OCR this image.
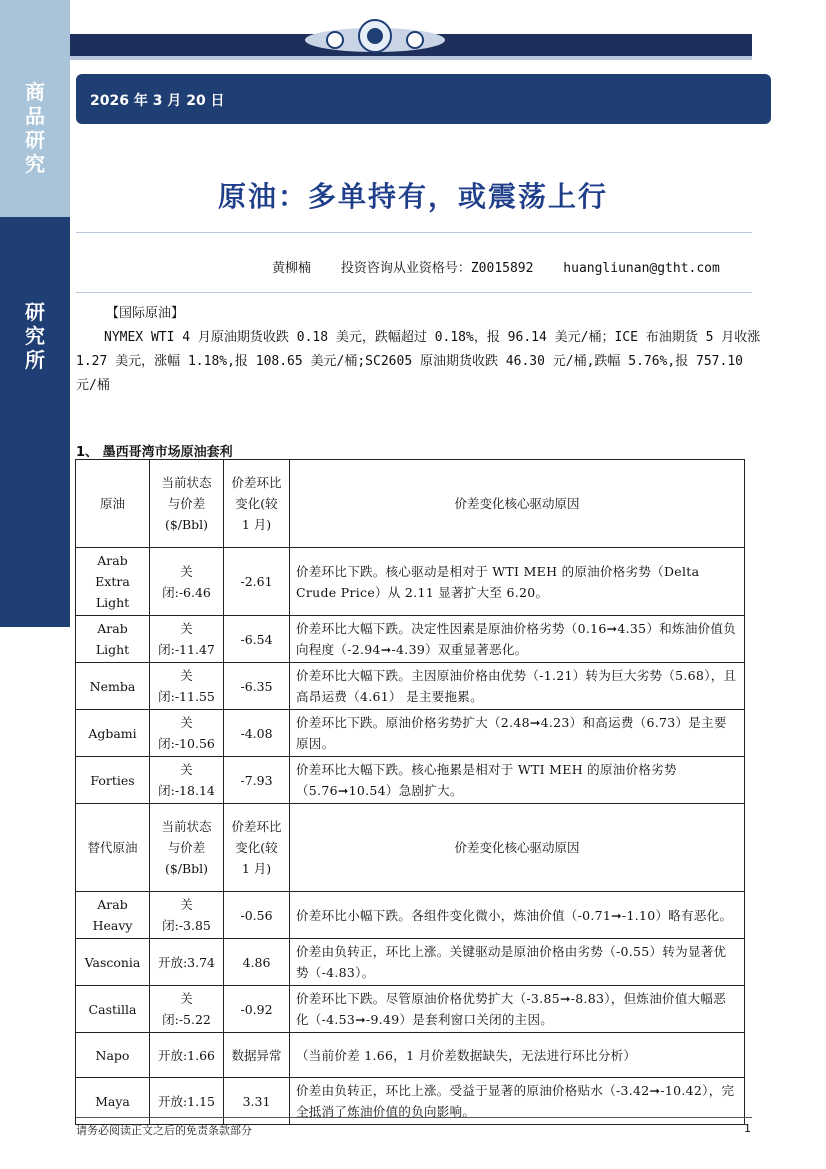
商品研究
研究所
2026 年 3 月 20 日
原油：多单持有，或震荡上行
黄柳楠 投资咨询从业资格号：Z0015892 huangliunan@gtht.com
【国际原油】

NYMEX WTI 4 月原油期货收跌 0.18 美元，跌幅超过 0.18%，报 96.14 美元/桶；ICE 布油期货 5 月收涨 1.27 美元，涨幅 1.18%,报 108.65 美元/桶;SC2605 原油期货收跌 46.30 元/桶,跌幅 5.76%,报 757.10 元/桶

1、 墨西哥湾市场原油套利
原油	当前状态与价差($/Bbl)	价差环比变化(较 1 月)	价差变化核心驱动原因
Arab Extra Light	关闭:-6.46	-2.61	价差环比下跌。核心驱动是相对于 WTI MEH 的原油价格劣势（Delta Crude Price）从 2.11 显著扩大至 6.20。
Arab Light	关闭:-11.47	-6.54	价差环比大幅下跌。决定性因素是原油价格劣势（0.16➞4.35）和炼油价值负向程度（-2.94➞-4.39）双重显著恶化。
Nemba	关闭:-11.55	-6.35	价差环比大幅下跌。主因原油价格由优势（-1.21）转为巨大劣势（5.68），且高昂运费（4.61） 是主要拖累。
Agbami	关闭:-10.56	-4.08	价差环比下跌。原油价格劣势扩大（2.48➞4.23）和高运费（6.73）是主要原因。
Forties	关闭:-18.14	-7.93	价差环比大幅下跌。核心拖累是相对于 WTI MEH 的原油价格劣势（5.76➞10.54）急剧扩大。
替代原油	当前状态与价差($/Bbl)	价差环比变化(较 1 月)	价差变化核心驱动原因
Arab Heavy	关闭:-3.85	-0.56	价差环比小幅下跌。各组件变化微小，炼油价值（-0.71➞-1.10）略有恶化。
Vasconia	开放:3.74	4.86	价差由负转正，环比上涨。关键驱动是原油价格由劣势（-0.55）转为显著优势（-4.83）。
Castilla	关闭:-5.22	-0.92	价差环比下跌。尽管原油价格优势扩大（-3.85➞-8.83），但炼油价值大幅恶化（-4.53➞-9.49）是套利窗口关闭的主因。
Napo	开放:1.66	数据异常	（当前价差 1.66，1 月价差数据缺失，无法进行环比分析）
Maya	开放:1.15	3.31	价差由负转正，环比上涨。受益于显著的原油价格贴水（-3.42➞-10.42），完全抵消了炼油价值的负向影响。
请务必阅读正文之后的免责条款部分	1
